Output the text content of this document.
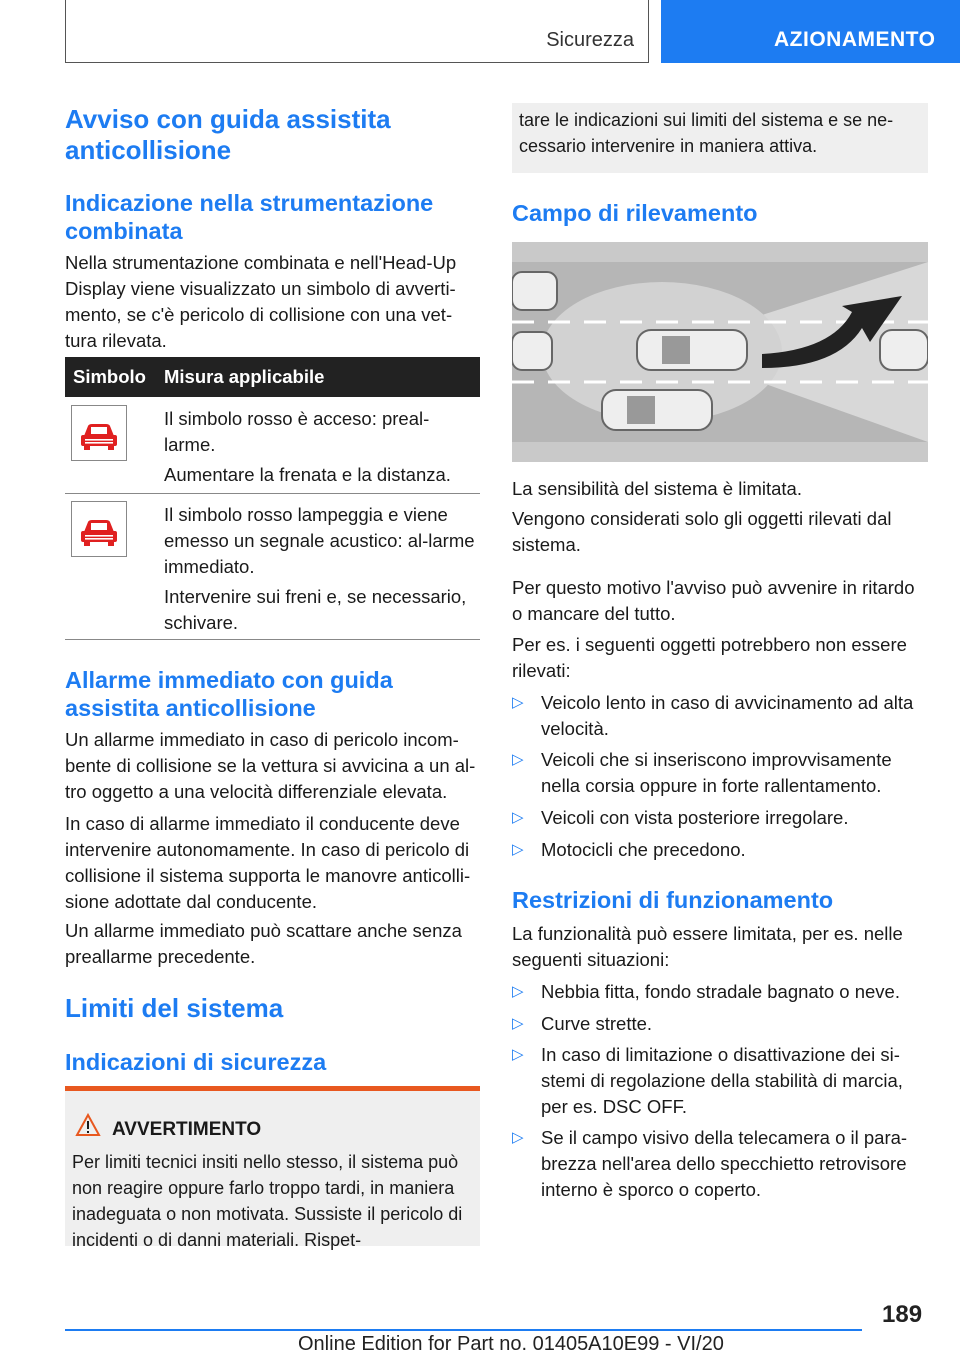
Sicurezza	AZIONAMENTO
Avviso con guida assistita anticollisione
Indicazione nella strumentazione combinata

Nella strumentazione combinata e nell'Head-Up Display viene visualizzato un simbolo di avverti-mento, se c'è pericolo di collisione con una vet-tura rilevata.

Simbolo Misura applicabile

Il simbolo rosso è acceso: preal-larme.

Aumentare la frenata e la distanza.

Il simbolo rosso lampeggia e viene emesso un segnale acustico: al-larme immediato.

Intervenire sui freni e, se necessario, schivare.

Allarme immediato con guida assistita anticollisione

Un allarme immediato in caso di pericolo incom-bente di collisione se la vettura si avvicina a un al-tro oggetto a una velocità differenziale elevata.

In caso di allarme immediato il conducente deve intervenire autonomamente. In caso di pericolo di collisione il sistema supporta le manovre anticolli-sione adottate dal conducente.

Un allarme immediato può scattare anche senza preallarme precedente.

Limiti del sistema
Indicazioni di sicurezza
AVVERTIMENTO

Per limiti tecnici insiti nello stesso, il sistema può non reagire oppure farlo troppo tardi, in maniera inadeguata o non motivata. Sussiste il pericolo di incidenti o di danni materiali. Rispet-

tare le indicazioni sui limiti del sistema e se ne-cessario intervenire in maniera attiva.

Campo di rilevamento

La sensibilità del sistema è limitata.

Vengono considerati solo gli oggetti rilevati dal sistema.

Per questo motivo l'avviso può avvenire in ritardo o mancare del tutto.

Per es. i seguenti oggetti potrebbero non essere rilevati:

▷ Veicolo lento in caso di avvicinamento ad alta velocità.
▷ Veicoli che si inseriscono improvvisamente nella corsia oppure in forte rallentamento.
▷ Veicoli con vista posteriore irregolare.
▷ Motocicli che precedono.
Restrizioni di funzionamento

La funzionalità può essere limitata, per es. nelle seguenti situazioni:

▷ Nebbia fitta, fondo stradale bagnato o neve.
▷ Curve strette.
▷ In caso di limitazione o disattivazione dei si-stemi di regolazione della stabilità di marcia, per es. DSC OFF.
▷ Se il campo visivo della telecamera o il para-brezza nell'area dello specchietto retrovisore interno è sporco o coperto.
189
Online Edition for Part no. 01405A10E99 - VI/20
